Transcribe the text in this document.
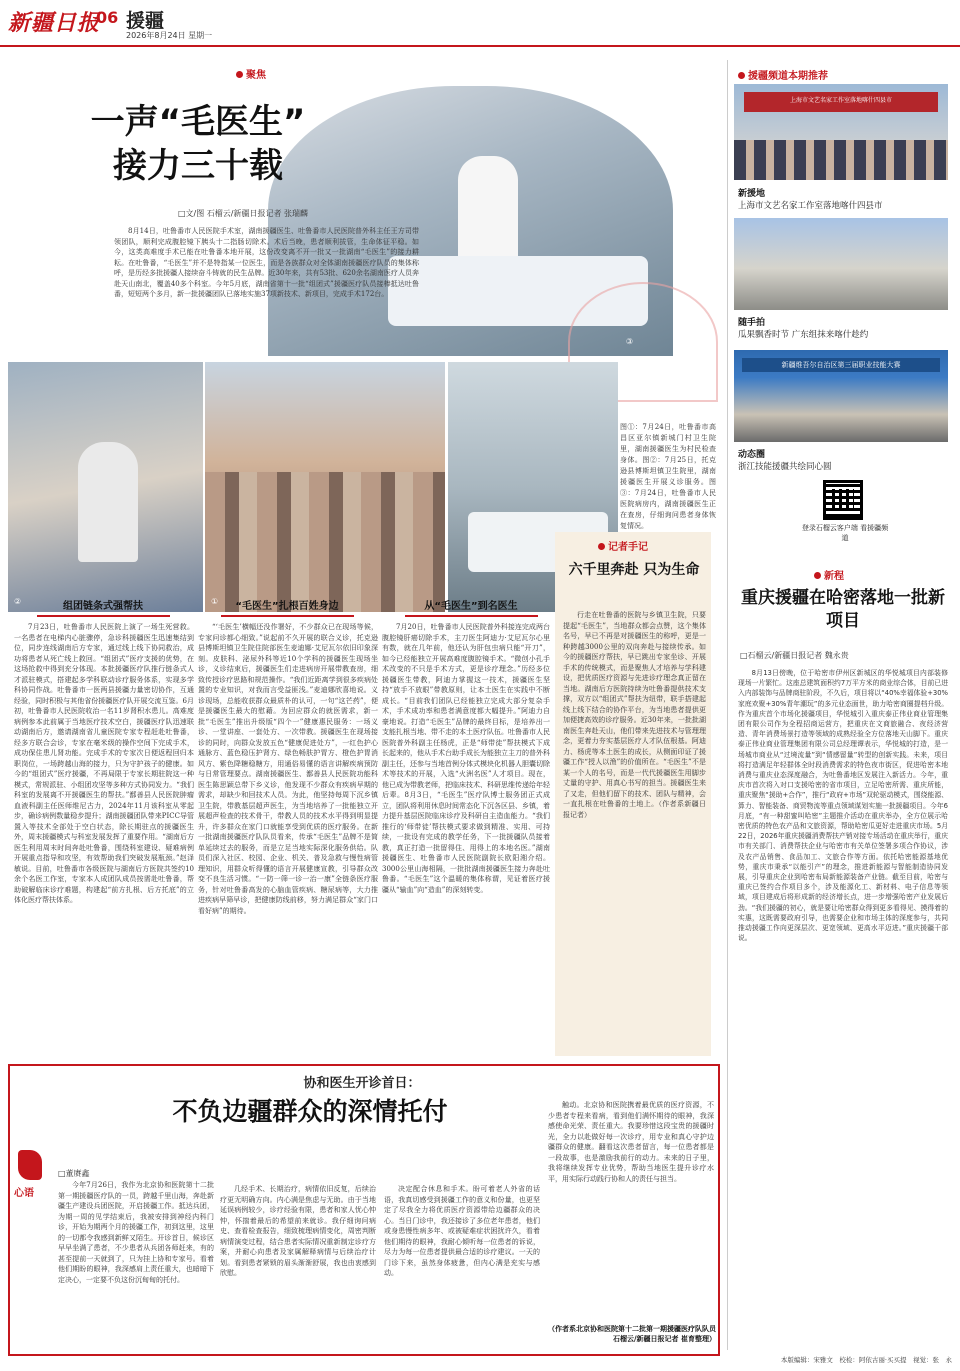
新疆日报
06 援疆
2026年8月24日 星期一
聚焦
③
一声“毛医生”
接力三十载
□文/图 石榴云/新疆日报记者 张瑞麟

8月14日，吐鲁番市人民医院手术室，湖南援疆医生、吐鲁番市人民医院普外科主任王方司带领团队，顺利完成腹腔镜下胰头十二指肠切除术。术后当晚，患者顺利拔管，生命体征平稳。如今，这类高难度手术已能在吐鲁番本地开展，这份改变离不开一批又一批湖南“毛医生”的接力耕耘。在吐鲁番，“毛医生”并不是特指某一位医生，而是各族群众对全体湖南援疆医疗队员的集体称呼，是历经多批援疆人接续奋斗铸就的民生品牌。近30年来，共有53批、620余名湖南医疗人员奔赴天山南北，覆盖40多个科室。今年5月底，湖南省第十一批“组团式”援疆医疗队员接棒抵达吐鲁番，短短两个多月，新一批援疆团队已落地实施37项新技术、新项目，完成手术172台。

②	①
图①：7月24日，吐鲁番市高昌区亚尔镇新城门村卫生院里，湖南援疆医生为村民检查身体。图②：7月25日，托克逊县博斯坦镇卫生院里，湖南援疆医生开展义诊服务。图③：7月24日，吐鲁番市人民医院病房内，湖南援疆医生正在查房，仔细询问患者身体恢复情况。
组团链条式强帮扶	“毛医生”扎根百姓身边	从“毛医生”到名医生

7月23日，吐鲁番市人民医院上演了一场生死营救。一名患者在电梯内心脏骤停，急诊科援疆医生迅速集结到位，同步连线湖南后方专家，通过线上线下协同救治，成功将患者从死亡线上救回。“组团式”医疗支援的优势，在这场抢救中得到充分体现。本批援疆医疗队推行链条式人才派驻模式，搭建起多学科联动诊疗服务体系，实现多学科协同作战。吐鲁番市一医两县援疆力量密切协作，互通经验，同时积极与其他省份援疆医疗队开展交流互鉴。6月初，吐鲁番市人民医院收治一名11岁肾积水患儿。高难度病例参本此前属于当地医疗技术空白，援疆医疗队迅速联动湖南后方，邀请湖南省儿童医院专家专程赶赴吐鲁番，经多方联合会诊，专家在毫米级的操作空间下完成手术，成功保住患儿肾功能。完成手术的专家次日便返程回归本职岗位，一场跨越山海的接力，只为守护孩子的健康。如今的“组团式”医疗援疆，不再局限于专家长期驻院这一种模式，常规派驻、小组团攻坚等多种方式协同发力。“我们科室的发展离不开援疆医生的帮扶。”鄯善县人民医院肿瘤血液科副主任医师维尼古力，2024年11月该科室从零起步，确诊病例数量稳步提升；湖南援疆团队带来PICC导管置入等技术全部处于空白状态，除长期驻点的援疆医生外，周末援疆模式与科室发展发挥了重要作用。“湖南后方医生利用周末时间奔赴吐鲁番，围绕科室建设、疑难病例开展重点指导和攻坚，有效帮助我们突破发展瓶颈。”赵泽敏说。目前，吐鲁番市各级医院与湖南后方医院共签约10余个名医工作室，专家本人成团队成员按需赴吐鲁番，帮助破解临床诊疗难题，构建起“前方扎根、后方托底”的立体化医疗帮扶体系。

“‘毛医生’横幅还没作署好，不少群众已在现场等候，专家问诊都心细致。”说起前不久开展的联合义诊，托克逊县博斯坦镇卫生院住院部医生麦迪娜·艾尼瓦尔依旧印象深刻。皮肤科、泌尿外科等近10个学科的援疆医生现场坐诊，义诊结束后，援疆医生们走进病房开展带教查房，细致传授诊疗思路和规范操作。“我们近距离学到很多疾病处置的专业知识，对我而言受益匪浅。”麦迪娜欣喜地说。义诊现场，总能收获群众最质朴的认可，一句“这芒药”，便是援疆医生最大的慰藉。为回应群众的就医需求，新一批“毛医生”推出升级版“四个一”健康惠民服务：一场义诊、一堂讲座、一套处方、一次带教。援疆医生在现场接诊的同时，向群众发放五色“健康促进处方”，一红色护心通脉方、蓝色稳压护肾方、绿色畅肤护胃方、橙色护胃消风方、紫色降糖稳糖方，用通俗易懂的语言讲解疾病预防与日常管理要点。湖南援疆医生、鄯善县人民医院功能科医生陈思颖总带下乡义诊，他发现不少群众有疾病早期的需求，却缺少和回技术人员。为此，他坚持每周下沉乡镇卫生院，带教基层超声医生，为当地培养了一批能独立开展超声检查的技术骨干，带教人员的技术水平得到明显提升，许多群众在家门口就能享受到优质的医疗服务。在新一批湖南援疆医疗队队员看来，传承“毛医生”品牌不是简单延续过去的服务，而是立足当地实际深化服务供给。队员们深入社区、校园、企业、机关、普及急救与慢性病管理知识，用群众听得懂的语言开展健康宣教，引导群众改变不良生活习惯。“一防一筛一诊一治一康”全链条医疗服务，针对吐鲁番高发的心脑血管疾病、糖尿病等，大力推进疾病早筛早诊，把健康防线前移，努力满足群众“家门口看好病”的期待。

7月20日，吐鲁番市人民医院普外科接连完成两台腹腔镜肝癌切除手术，主刀医生阿迪力·艾尼瓦尔心里有数，就在几年前，他还认为肝包虫病只能“开刀”，如今已经能独立开展高难度腹腔镜手术。“微创小孔手术改变的不只是手术方式，更是诊疗理念。”历经多位援疆医生带教，阿迪力掌握这一技术，援疆医生坚持“放手不放眼”带教原则，让本土医生在实践中不断成长。“目前我们团队已经能独立完成大部分复杂手术，手术成功率和患者满意度都大幅提升。”阿迪力自豪地说。打造“毛医生”品牌的最终目标，是培养出一支能扎根当地、带不走的本土医疗队伍。吐鲁番市人民医院普外科副主任杨虎，正是“师带徒”帮扶模式下成长起来的，他从手术台助手成长为能独立主刀的普外科副主任，还参与当地首例分体式模块化机器人胆囊切除术等技术的开展，入选“火洲名医”人才项目。现在，他已成为带教老师，把临床技术、科研思维传递给年轻后辈。8月3日，“毛医生”医疗队博士服务团正式成立，团队将利用休息时间常态化下沉各区县、乡镇，着力提升基层医院临床诊疗及科研自主造血能力。“我们推行的‘师带徒’帮扶模式要求做到精准、实用、可持续，一批设有完成的教学任务，下一批援疆队员接着教，真正打造一批留得住、用得上的本地名医。”湖南援疆医生、吐鲁番市人民医院副院长欧阳湘介绍。3000公里山海相隔，一批批湖南援疆医生接力奔赴吐鲁番。“毛医生”这个温暖的集体称谓，见证着医疗援疆从“输血”向“造血”的深刻转变。

记者手记
六千里奔赴 只为生命

行走在吐鲁番的医院与乡镇卫生院，只要提起“毛医生”，当地群众都会点赞，这个集体名号，早已不再是对援疆医生的称呼，更是一种跨越3000公里的双向奔赴与接续传承。如今的援疆医疗帮扶，早已跳出专家坐诊、开展手术的传统模式，而是聚焦人才培养与学科建设，把优质医疗资源与先进诊疗理念真正留在当地。湖南后方医院持续为吐鲁番提供技术支撑，双方以“组团式”帮扶为纽带，联手搭建起线上线下结合的协作平台，为当地患者提供更加便捷高效的诊疗服务。近30年来，一批批湖南医生奔赴天山，他们带来先进技术与管理理念，更着力夯实基层医疗人才队伍根基。阿迪力、杨虎等本土医生的成长，从侧面印证了援疆工作“授人以渔”的价值所在。“毛医生”不是某一个人的名号，而是一代代援疆医生用脚步丈量的守护、用真心书写的担当。援疆医生来了又走，但他们留下的技术、团队与精神，会一直扎根在吐鲁番的土地上。（作者系新疆日报记者）

援疆频道本期推荐
上海市文艺名家工作室落地喀什四县市
新援地
上海市文艺名家工作室落地喀什四县市
随手拍
瓜果飘香时节 广东组抹来喀什趁约
新疆维吾尔自治区第三届职业技能大赛
动态圈
浙江技能援疆共绘同心圆
登录石榴云客户端 看援疆频道
新程
重庆援疆在哈密落地一批新项目
□石榴云/新疆日报记者 魏永贵

8月13日傍晚，位于哈密市伊州区新城区的华悦城项目内部装修现场一片繁忙。这座总建筑面积约7万平方米的商业综合体，目前已进入内部装饰与品牌商驻阶段，不久后，项目将以“40%幸福体验+30%家庭欢聚+30%青年潮玩”的多元业态面世，助力哈密商圈提档升级。作为重庆首个市场化援疆项目，华悦城引入重庆泰正伟业商业管理集团有限公司作为全程招商运营方，把重庆在文商旅融合、夜经济营造、青年消费场景打造等领域的成熟经验全方位落地天山脚下。重庆泰正伟业商业管理集团有限公司总经理谭表示，华悦城的打造，是一场城市商业从“过境流量”到“情感留量”转型的创新实践。未来，项目将打造满足年轻群体全时段消费需求的特色夜市街区，促进哈密本地消费与重庆业态深度融合，为吐鲁番地区发展注入新活力。今年，重庆市首次将入对口支援哈密的省市项目，立足哈密所需、重庆所能，重庆聚焦“援助+合作”，推行“政府+市场”双轮驱动模式，围绕能源、算力、智能装备、商贸物流等重点领域谋划实施一批援疆项目。今年6月底，“有一种甜蜜叫哈密”主题推介活动在重庆举办，全方位展示哈密优质的特色农产品和文旅资源，帮助哈密瓜更好走进重庆市场。5月22日，2026年重庆援疆消费帮扶产销对接专场活动在重庆举行，重庆市有关部门、消费帮扶企业与哈密市有关单位签署多项合作协议，涉及农产品销售、食品加工、文旅合作等方面。依托哈密能源基地优势，重庆市秉承“以能引产”的理念，推进新能源与智能制造协同发展，引导重庆企业到哈密布局新能源装备产业链。截至目前，哈密与重庆已签约合作项目多个，涉及能源化工、新材料、电子信息等领域，项目建成后将形成新的经济增长点，进一步增强哈密产业发展后劲。“我们援疆的初心，就是要让哈密群众得到更多看得见、摸得着的实惠，这既需要政府引导，也需要企业和市场主体的深度参与，共同推动援疆工作向更深层次、更宽领域、更高水平迈进。”重庆援疆干部说。

协和医生开诊首日：
不负边疆群众的深情托付
心语
□董赓鑫

今年7月26日，我作为北京协和医院第十二批第一期援疆医疗队的一员，跨越千里山海，奔赴新疆生产建设兵团医院，开启援疆工作。抵达兵团，为期一周的见学结束后，我被安排到神经内科门诊，开始为期两个月的援疆工作，初到这里，这里的一切都令我感到新鲜又陌生。开诊首日，候诊区早早坐满了患者，不少患者从兵团各师赶来，有的甚至提前一天就到了，只为挂上协和专家号。看着他们期盼的眼神，我深感肩上责任重大，也暗暗下定决心，一定要不负这份沉甸甸的托付。

几经手术、长期治疗，病情依旧反复，后续治疗更无明确方向。内心满是焦虑与无助。由于当地延误病例较少，诊疗经验有限，患者和家人忧心忡忡，怀揣着最后的希望前来就诊。我仔细询问病史、查看检查报告，细致梳理病情变化，周密判断病情演变过程，结合患者实际情况重新制定诊疗方案，并耐心向患者及家属解释病情与后续治疗计划。看到患者紧锁的眉头渐渐舒展，我也由衷感到欣慰。

决定配合休息和手术。盼可着老人外省的话语，我真切感受到援疆工作的意义和份量，也更坚定了尽我全力将优质医疗资源带给边疆群众的决心。当日门诊中，我还接诊了多位老年患者，他们或身患慢性病多年、或被疑难症状困扰许久，看着他们期待的眼神，我耐心倾听每一位患者的诉说，尽力为每一位患者提供最合适的诊疗建议。一天的门诊下来，虽然身体疲惫，但内心满是充实与感动。

触动。北京协和医院携着最优质的医疗资源，不少患者专程来看病，看到他们满怀期待的眼神，我深感使命光荣、责任重大。我要珍惜这段宝贵的援疆时光，全力以赴做好每一次诊疗，用专业和真心守护边疆群众的健康。翻看这次患者留言，每一位患者都是一段故事，也是激励我前行的动力。未来的日子里，我将继续发挥专业优势，帮助当地医生提升诊疗水平，用实际行动践行协和人的责任与担当。

（作者系北京协和医院第十二批第一期援疆医疗队队员 石榴云/新疆日报记者 崔育整理）
本版编辑：宋雅文　校检：阿依古丽·买买提　视觉：张　永
